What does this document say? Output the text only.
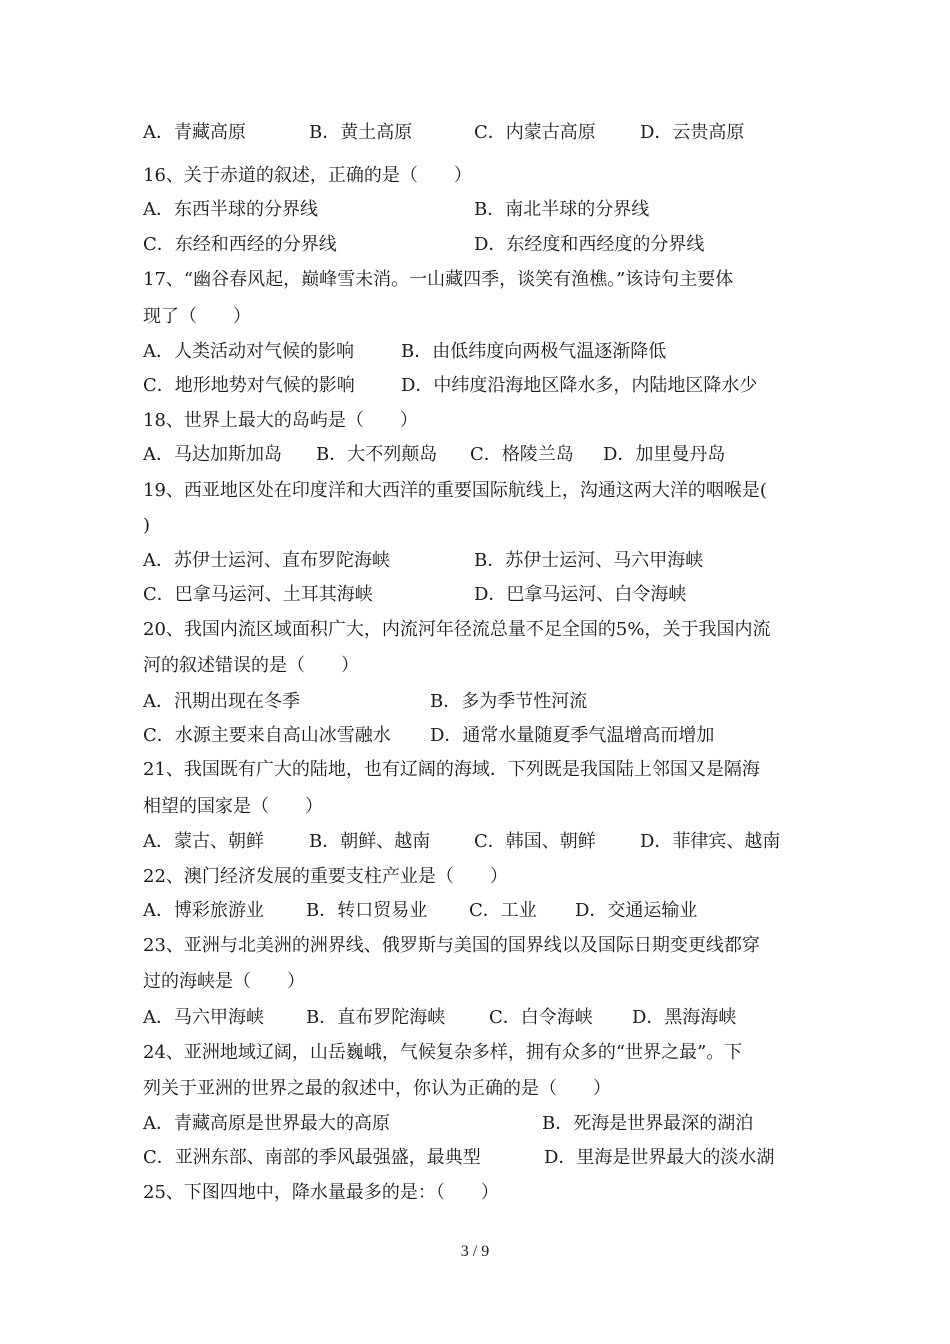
A．青藏高原	B．黄土高原	C．内蒙古高原 D．云贵高原
16、关于赤道的叙述，正确的是（　　）
A．东西半球的分界线	B．南北半球的分界线
C．东经和西经的分界线	D．东经度和西经度的分界线
17、“幽谷春风起，巅峰雪未消。一山藏四季，谈笑有渔樵。”该诗句主要体
现了（　　）
A．人类活动对气候的影响	B．由低纬度向两极气温逐渐降低
C．地形地势对气候的影响	D．中纬度沿海地区降水多，内陆地区降水少
18、世界上最大的岛屿是（　　）
A．马达加斯加岛 B．大不列颠岛 C．格陵兰岛 D．加里曼丹岛
19、西亚地区处在印度洋和大西洋的重要国际航线上，沟通这两大洋的咽喉是(
)
A．苏伊士运河、直布罗陀海峡	B．苏伊士运河、马六甲海峡
C．巴拿马运河、土耳其海峡	D．巴拿马运河、白令海峡
20、我国内流区域面积广大，内流河年径流总量不足全国的5%，关于我国内流
河的叙述错误的是（　　）
A．汛期出现在冬季	B．多为季节性河流
C．水源主要来自高山冰雪融水 D．通常水量随夏季气温增高而增加
21、我国既有广大的陆地，也有辽阔的海域．下列既是我国陆上邻国又是隔海
相望的国家是（　　）
A．蒙古、朝鲜	B．朝鲜、越南 C．韩国、朝鲜 D．菲律宾、越南
22、澳门经济发展的重要支柱产业是（　　）
A．博彩旅游业 B．转口贸易业 C．工业 D．交通运输业
23、亚洲与北美洲的洲界线、俄罗斯与美国的国界线以及国际日期变更线都穿
过的海峡是（　　）
A．马六甲海峡 B．直布罗陀海峡 C．白令海峡 D．黑海海峡
24、亚洲地域辽阔，山岳巍峨，气候复杂多样，拥有众多的“世界之最”。下
列关于亚洲的世界之最的叙述中，你认为正确的是（　　）
A．青藏高原是世界最大的高原	B．死海是世界最深的湖泊
C．亚洲东部、南部的季风最强盛，最典型	D．里海是世界最大的淡水湖
25、下图四地中，降水量最多的是：（　　）
3 / 9
